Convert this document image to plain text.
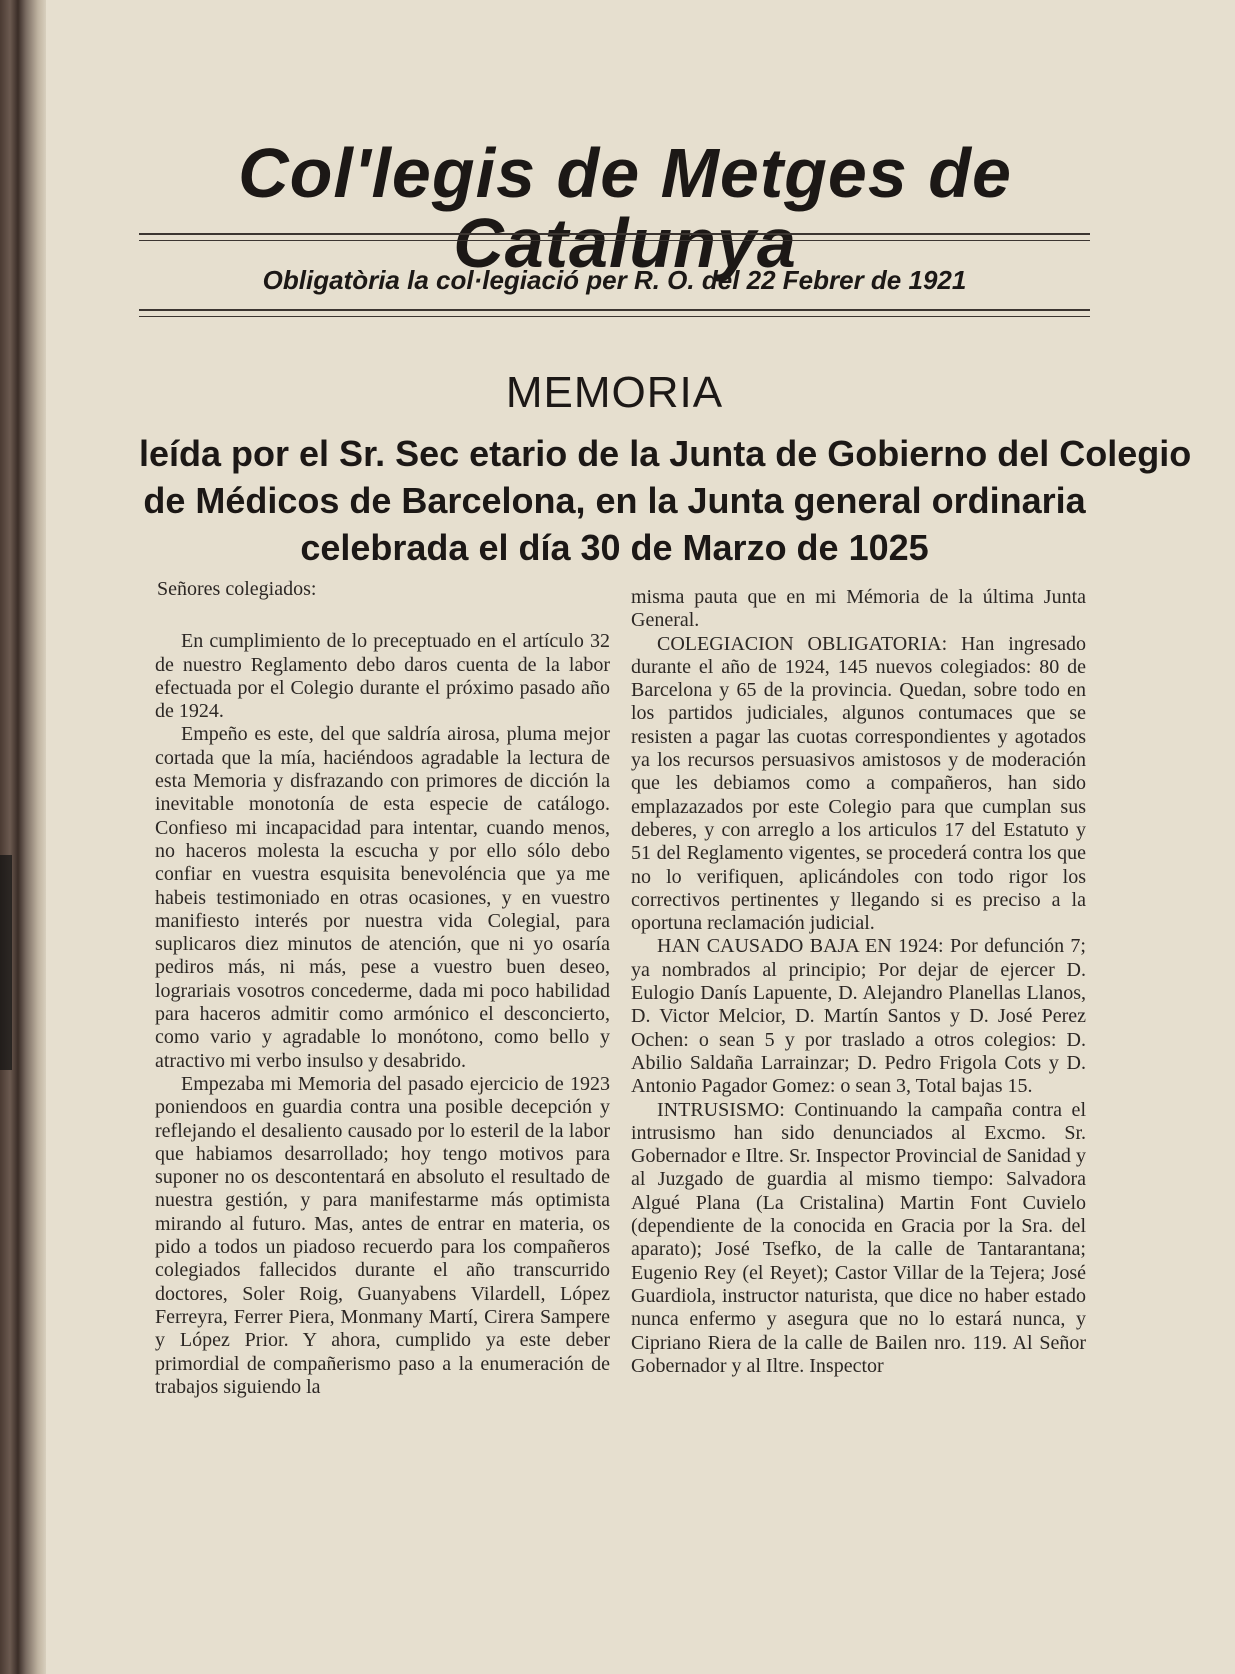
Col'legis de Metges de Catalunya
Obligatòria la col·legiació per R. O. del 22 Febrer de 1921
MEMORIA
leída por el Sr. Sec etario de la Junta de Gobierno del Colegio
de Médicos de Barcelona, en la Junta general ordinaria
celebrada el día 30 de Marzo de 1025

Señores colegiados:

En cumplimiento de lo preceptuado en el artículo 32 de nuestro Reglamento debo daros cuenta de la labor efectuada por el Colegio durante el próximo pasado año de 1924.

Empeño es este, del que saldría airosa, pluma mejor cortada que la mía, haciéndoos agradable la lectura de esta Memoria y disfrazando con primores de dicción la inevitable monotonía de esta especie de catálogo. Confieso mi incapacidad para intentar, cuando menos, no haceros molesta la escucha y por ello sólo debo confiar en vuestra esquisita benevoléncia que ya me habeis testimoniado en otras ocasiones, y en vuestro manifiesto interés por nuestra vida Colegial, para suplicaros diez minutos de atención, que ni yo osaría pediros más, ni más, pese a vuestro buen deseo, lograriais vosotros concederme, dada mi poco habilidad para haceros admitir como armónico el desconcierto, como vario y agradable lo monótono, como bello y atractivo mi verbo insulso y desabrido.

Empezaba mi Memoria del pasado ejercicio de 1923 poniendoos en guardia contra una posible decepción y reflejando el desaliento causado por lo esteril de la labor que habiamos desarrollado; hoy tengo motivos para suponer no os descontentará en absoluto el resultado de nuestra gestión, y para manifestarme más optimista mirando al futuro. Mas, antes de entrar en materia, os pido a todos un piadoso recuerdo para los compañeros colegiados fallecidos durante el año transcurrido doctores, Soler Roig, Guanyabens Vilardell, López Ferreyra, Ferrer Piera, Monmany Martí, Cirera Sampere y López Prior. Y ahora, cumplido ya este deber primordial de compañerismo paso a la enumeración de trabajos siguiendo la

misma pauta que en mi Mémoria de la última Junta General.

COLEGIACION OBLIGATORIA: Han ingresado durante el año de 1924, 145 nuevos colegiados: 80 de Barcelona y 65 de la provincia. Quedan, sobre todo en los partidos judiciales, algunos contumaces que se resisten a pagar las cuotas correspondientes y agotados ya los recursos persuasivos amistosos y de moderación que les debiamos como a compañeros, han sido emplazazados por este Colegio para que cumplan sus deberes, y con arreglo a los articulos 17 del Estatuto y 51 del Reglamento vigentes, se procederá contra los que no lo verifiquen, aplicándoles con todo rigor los correctivos pertinentes y llegando si es preciso a la oportuna reclamación judicial.

HAN CAUSADO BAJA EN 1924: Por defunción 7; ya nombrados al principio; Por dejar de ejercer D. Eulogio Danís Lapuente, D. Alejandro Planellas Llanos, D. Victor Melcior, D. Martín Santos y D. José Perez Ochen: o sean 5 y por traslado a otros colegios: D. Abilio Saldaña Larrainzar; D. Pedro Frigola Cots y D. Antonio Pagador Gomez: o sean 3, Total bajas 15.

INTRUSISMO: Continuando la campaña contra el intrusismo han sido denunciados al Excmo. Sr. Gobernador e Iltre. Sr. Inspector Provincial de Sanidad y al Juzgado de guardia al mismo tiempo: Salvadora Algué Plana (La Cristalina) Martin Font Cuvielo (dependiente de la conocida en Gracia por la Sra. del aparato); José Tsefko, de la calle de Tantarantana; Eugenio Rey (el Reyet); Castor Villar de la Tejera; José Guardiola, instructor naturista, que dice no haber estado nunca enfermo y asegura que no lo estará nunca, y Cipriano Riera de la calle de Bailen nro. 119. Al Señor Gobernador y al Iltre. Inspector
